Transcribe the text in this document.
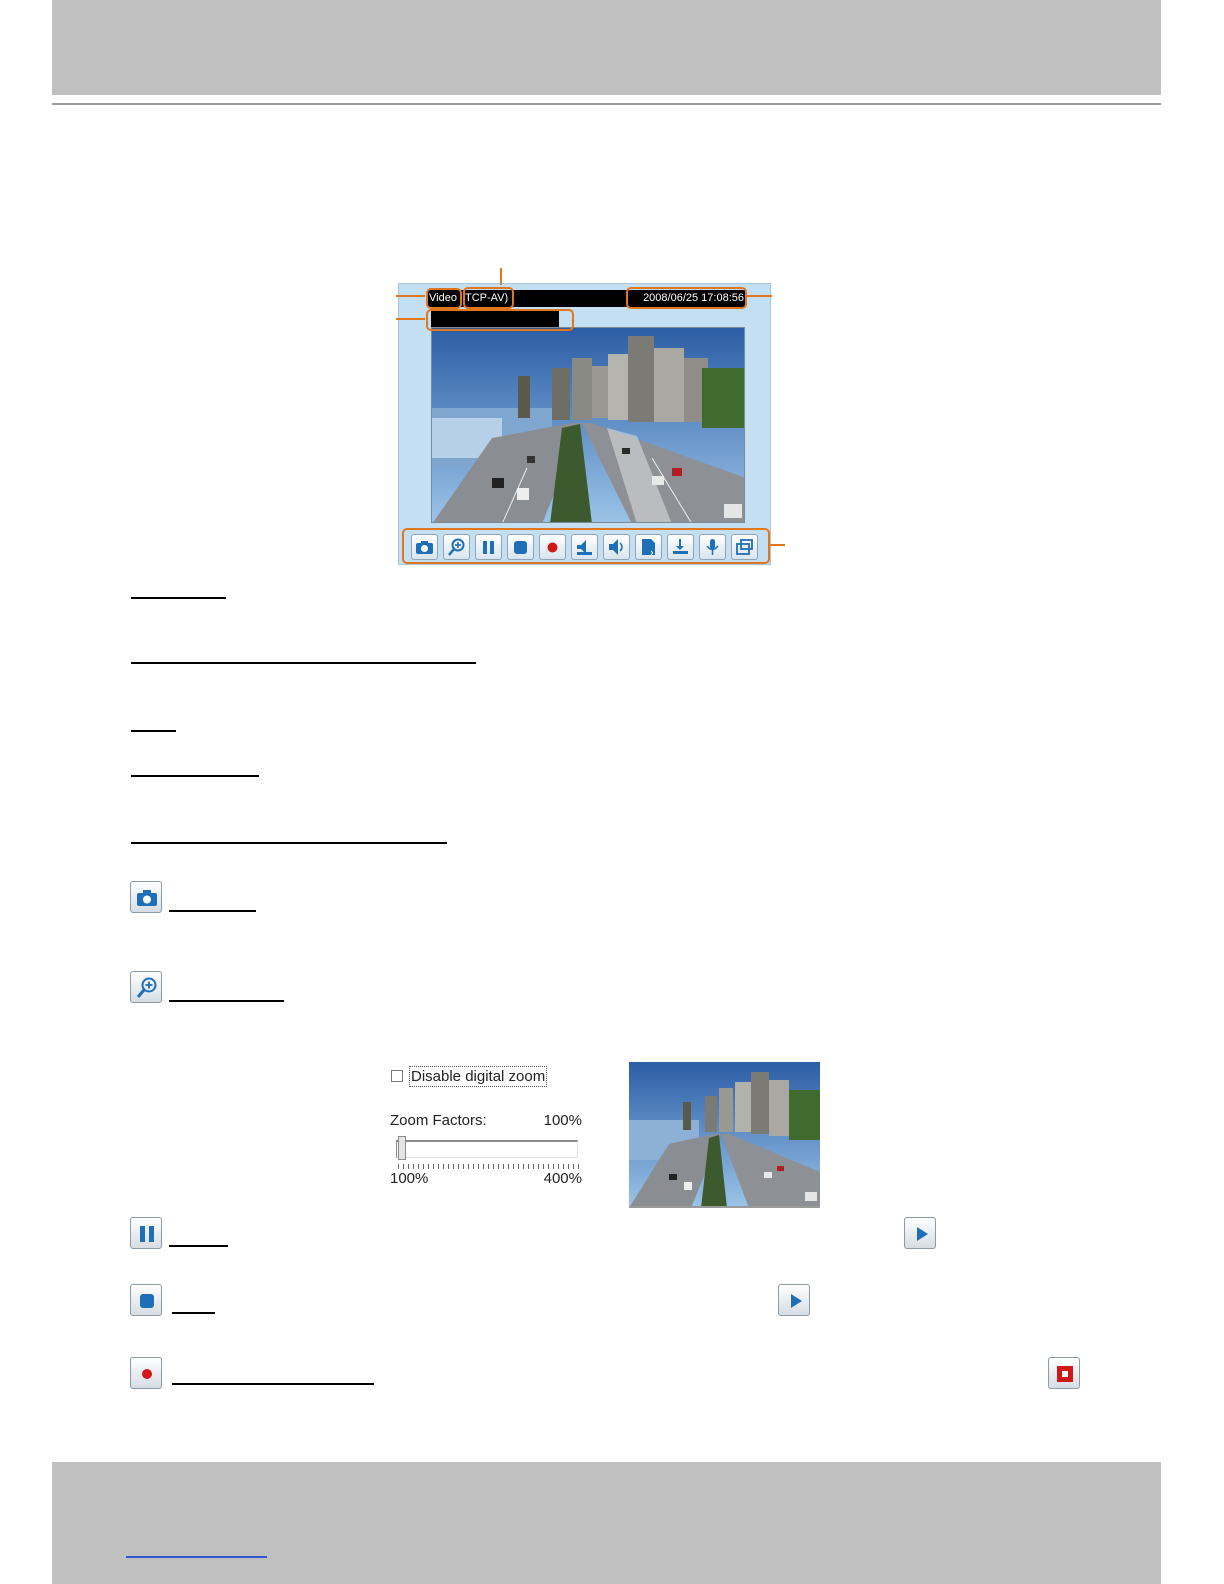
Video TCP-AV)	2008/06/25 17:08:56
Disable digital zoom
Zoom Factors:	100%
100%	400%
